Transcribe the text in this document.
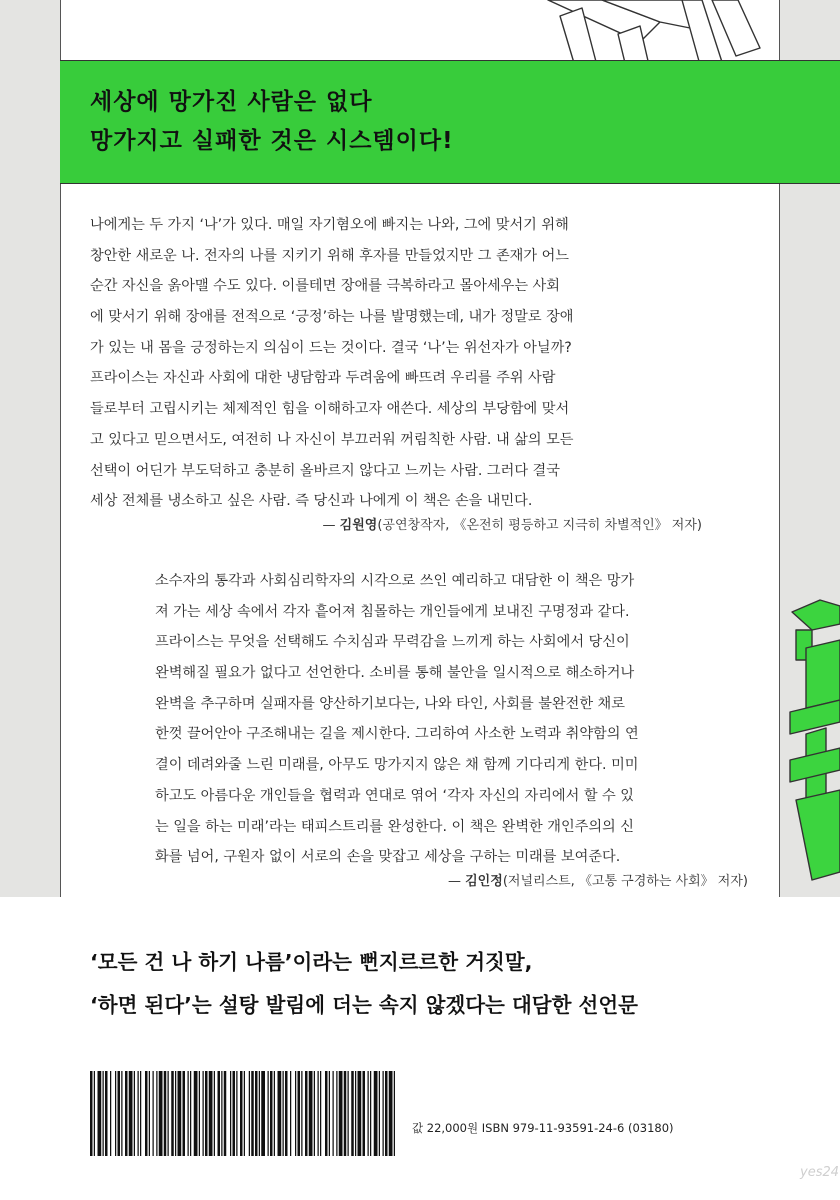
세상에 망가진 사람은 없다
망가지고 실패한 것은 시스템이다!
나에게는 두 가지 ‘나’가 있다. 매일 자기혐오에 빠지는 나와, 그에 맞서기 위해
창안한 새로운 나. 전자의 나를 지키기 위해 후자를 만들었지만 그 존재가 어느
순간 자신을 옭아맬 수도 있다. 이를테면 장애를 극복하라고 몰아세우는 사회
에 맞서기 위해 장애를 전적으로 ‘긍정’하는 나를 발명했는데, 내가 정말로 장애
가 있는 내 몸을 긍정하는지 의심이 드는 것이다. 결국 ‘나’는 위선자가 아닐까?
프라이스는 자신과 사회에 대한 냉담함과 두려움에 빠뜨려 우리를 주위 사람
들로부터 고립시키는 체제적인 힘을 이해하고자 애쓴다. 세상의 부당함에 맞서
고 있다고 믿으면서도, 여전히 나 자신이 부끄러워 꺼림칙한 사람. 내 삶의 모든
선택이 어딘가 부도덕하고 충분히 올바르지 않다고 느끼는 사람. 그러다 결국
세상 전체를 냉소하고 싶은 사람. 즉 당신과 나에게 이 책은 손을 내민다.
— 김원영(공연창작자, 《온전히 평등하고 지극히 차별적인》 저자)
소수자의 통각과 사회심리학자의 시각으로 쓰인 예리하고 대담한 이 책은 망가
져 가는 세상 속에서 각자 흩어져 침몰하는 개인들에게 보내진 구명정과 같다.
프라이스는 무엇을 선택해도 수치심과 무력감을 느끼게 하는 사회에서 당신이
완벽해질 필요가 없다고 선언한다. 소비를 통해 불안을 일시적으로 해소하거나
완벽을 추구하며 실패자를 양산하기보다는, 나와 타인, 사회를 불완전한 채로
한껏 끌어안아 구조해내는 길을 제시한다. 그리하여 사소한 노력과 취약함의 연
결이 데려와줄 느린 미래를, 아무도 망가지지 않은 채 함께 기다리게 한다. 미미
하고도 아름다운 개인들을 협력과 연대로 엮어 ‘각자 자신의 자리에서 할 수 있
는 일을 하는 미래’라는 태피스트리를 완성한다. 이 책은 완벽한 개인주의의 신
화를 넘어, 구원자 없이 서로의 손을 맞잡고 세상을 구하는 미래를 보여준다.
— 김인정(저널리스트, 《고통 구경하는 사회》 저자)
‘모든 건 나 하기 나름’이라는 뻔지르르한 거짓말,
‘하면 된다’는 설탕 발림에 더는 속지 않겠다는 대담한 선언문
값 22,000원 ISBN 979-11-93591-24-6 (03180)
yes24
